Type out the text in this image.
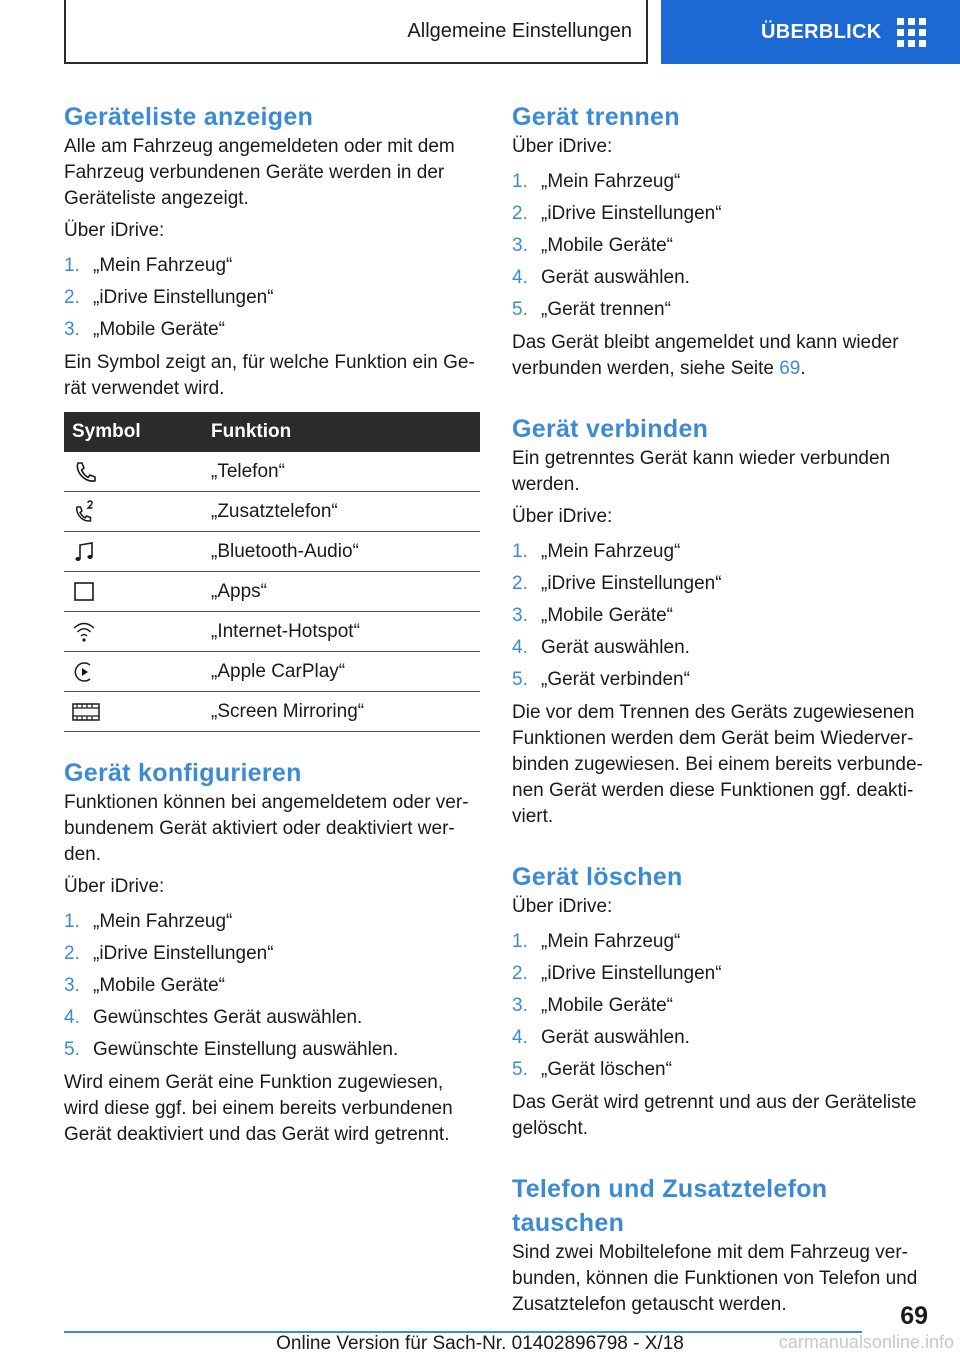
Allgemeine Einstellungen	ÜBERBLICK
Geräteliste anzeigen

Alle am Fahrzeug angemeldeten oder mit dem Fahrzeug verbundenen Geräte werden in der Geräteliste angezeigt.

Über iDrive:

1. „Mein Fahrzeug“
2. „iDrive Einstellungen“
3. „Mobile Geräte“

Ein Symbol zeigt an, für welche Funktion ein Ge-rät verwendet wird.

Symbol	Funktion
	„Telefon“
	„Zusatztelefon“
	„Bluetooth-Audio“
	„Apps“
	„Internet-Hotspot“
	„Apple CarPlay“
	„Screen Mirroring“
Gerät konfigurieren

Funktionen können bei angemeldetem oder ver-bundenem Gerät aktiviert oder deaktiviert wer-den.

Über iDrive:

1. „Mein Fahrzeug“
2. „iDrive Einstellungen“
3. „Mobile Geräte“
4. Gewünschtes Gerät auswählen.
5. Gewünschte Einstellung auswählen.

Wird einem Gerät eine Funktion zugewiesen, wird diese ggf. bei einem bereits verbundenen Gerät deaktiviert und das Gerät wird getrennt.

Gerät trennen

Über iDrive:

1. „Mein Fahrzeug“
2. „iDrive Einstellungen“
3. „Mobile Geräte“
4. Gerät auswählen.
5. „Gerät trennen“

Das Gerät bleibt angemeldet und kann wieder verbunden werden, siehe Seite 69.

Gerät verbinden

Ein getrenntes Gerät kann wieder verbunden werden.

Über iDrive:

1. „Mein Fahrzeug“
2. „iDrive Einstellungen“
3. „Mobile Geräte“
4. Gerät auswählen.
5. „Gerät verbinden“

Die vor dem Trennen des Geräts zugewiesenen Funktionen werden dem Gerät beim Wiederver-binden zugewiesen. Bei einem bereits verbunde-nen Gerät werden diese Funktionen ggf. deakti-viert.

Gerät löschen

Über iDrive:

1. „Mein Fahrzeug“
2. „iDrive Einstellungen“
3. „Mobile Geräte“
4. Gerät auswählen.
5. „Gerät löschen“

Das Gerät wird getrennt und aus der Geräteliste gelöscht.

Telefon und Zusatztelefon tauschen

Sind zwei Mobiltelefone mit dem Fahrzeug ver-bunden, können die Funktionen von Telefon und Zusatztelefon getauscht werden.	69
Online Version für Sach-Nr. 01402896798 - X/18	carmanualsonline.info
